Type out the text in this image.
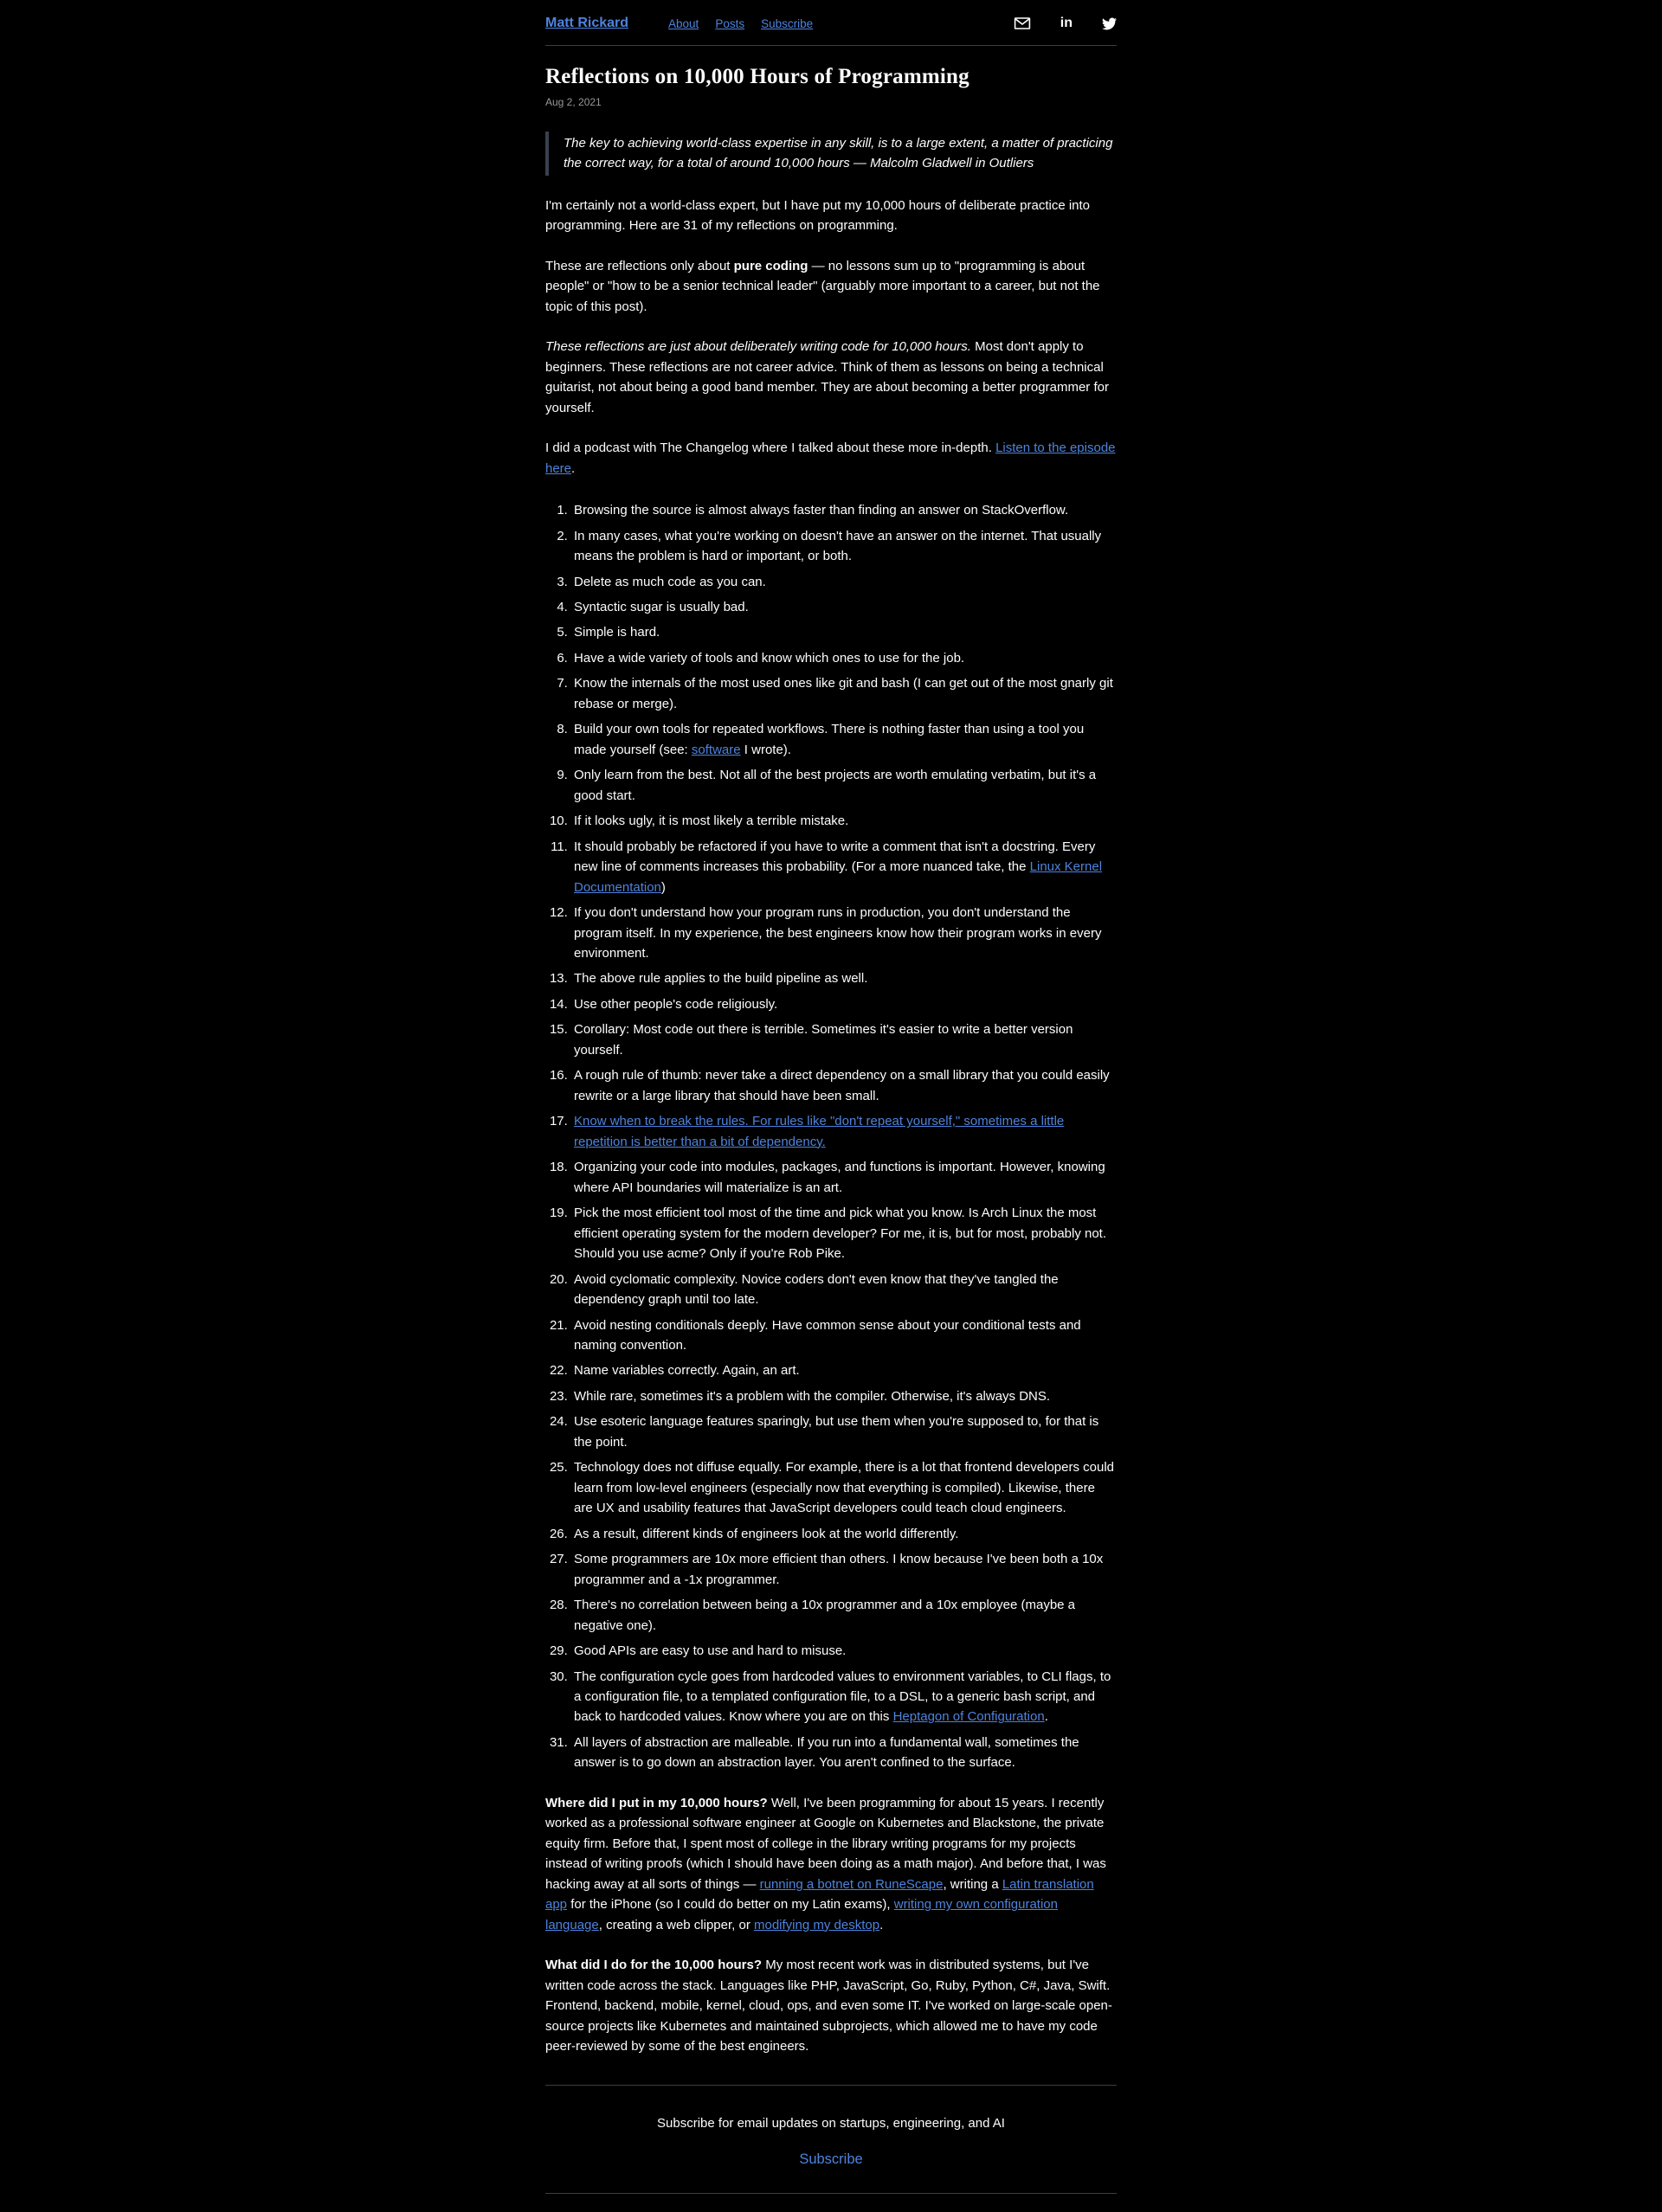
Matt Rickard	About Posts Subscribe	in
Reflections on 10,000 Hours of Programming
Aug 2, 2021
The key to achieving world-class expertise in any skill, is to a large extent, a matter of practicing the correct way, for a total of around 10,000 hours — Malcolm Gladwell in Outliers

I'm certainly not a world-class expert, but I have put my 10,000 hours of deliberate practice into programming. Here are 31 of my reflections on programming.

These are reflections only about pure coding — no lessons sum up to "programming is about people" or "how to be a senior technical leader" (arguably more important to a career, but not the topic of this post).

These reflections are just about deliberately writing code for 10,000 hours. Most don't apply to beginners. These reflections are not career advice. Think of them as lessons on being a technical guitarist, not about being a good band member. They are about becoming a better programmer for yourself.

I did a podcast with The Changelog where I talked about these more in-depth. Listen to the episode here.

1. Browsing the source is almost always faster than finding an answer on StackOverflow.
2. In many cases, what you're working on doesn't have an answer on the internet. That usually means the problem is hard or important, or both.
3. Delete as much code as you can.
4. Syntactic sugar is usually bad.
5. Simple is hard.
6. Have a wide variety of tools and know which ones to use for the job.
7. Know the internals of the most used ones like git and bash (I can get out of the most gnarly git rebase or merge).
8. Build your own tools for repeated workflows. There is nothing faster than using a tool you made yourself (see: software I wrote).
9. Only learn from the best. Not all of the best projects are worth emulating verbatim, but it's a good start.
10. If it looks ugly, it is most likely a terrible mistake.
11. It should probably be refactored if you have to write a comment that isn't a docstring. Every new line of comments increases this probability. (For a more nuanced take, the Linux Kernel Documentation)
12. If you don't understand how your program runs in production, you don't understand the program itself. In my experience, the best engineers know how their program works in every environment.
13. The above rule applies to the build pipeline as well.
14. Use other people's code religiously.
15. Corollary: Most code out there is terrible. Sometimes it's easier to write a better version yourself.
16. A rough rule of thumb: never take a direct dependency on a small library that you could easily rewrite or a large library that should have been small.
17. Know when to break the rules. For rules like "don't repeat yourself," sometimes a little repetition is better than a bit of dependency.
18. Organizing your code into modules, packages, and functions is important. However, knowing where API boundaries will materialize is an art.
19. Pick the most efficient tool most of the time and pick what you know. Is Arch Linux the most efficient operating system for the modern developer? For me, it is, but for most, probably not. Should you use acme? Only if you're Rob Pike.
20. Avoid cyclomatic complexity. Novice coders don't even know that they've tangled the dependency graph until too late.
21. Avoid nesting conditionals deeply. Have common sense about your conditional tests and naming convention.
22. Name variables correctly. Again, an art.
23. While rare, sometimes it's a problem with the compiler. Otherwise, it's always DNS.
24. Use esoteric language features sparingly, but use them when you're supposed to, for that is the point.
25. Technology does not diffuse equally. For example, there is a lot that frontend developers could learn from low-level engineers (especially now that everything is compiled). Likewise, there are UX and usability features that JavaScript developers could teach cloud engineers.
26. As a result, different kinds of engineers look at the world differently.
27. Some programmers are 10x more efficient than others. I know because I've been both a 10x programmer and a -1x programmer.
28. There's no correlation between being a 10x programmer and a 10x employee (maybe a negative one).
29. Good APIs are easy to use and hard to misuse.
30. The configuration cycle goes from hardcoded values to environment variables, to CLI flags, to a configuration file, to a templated configuration file, to a DSL, to a generic bash script, and back to hardcoded values. Know where you are on this Heptagon of Configuration.
31. All layers of abstraction are malleable. If you run into a fundamental wall, sometimes the answer is to go down an abstraction layer. You aren't confined to the surface.

Where did I put in my 10,000 hours? Well, I've been programming for about 15 years. I recently worked as a professional software engineer at Google on Kubernetes and Blackstone, the private equity firm. Before that, I spent most of college in the library writing programs for my projects instead of writing proofs (which I should have been doing as a math major). And before that, I was hacking away at all sorts of things — running a botnet on RuneScape, writing a Latin translation app for the iPhone (so I could do better on my Latin exams), writing my own configuration language, creating a web clipper, or modifying my desktop.

What did I do for the 10,000 hours? My most recent work was in distributed systems, but I've written code across the stack. Languages like PHP, JavaScript, Go, Ruby, Python, C#, Java, Swift. Frontend, backend, mobile, kernel, cloud, ops, and even some IT. I've worked on large-scale open-source projects like Kubernetes and maintained subprojects, which allowed me to have my code peer-reviewed by some of the best engineers.

Subscribe for email updates on startups, engineering, and AI

Subscribe
